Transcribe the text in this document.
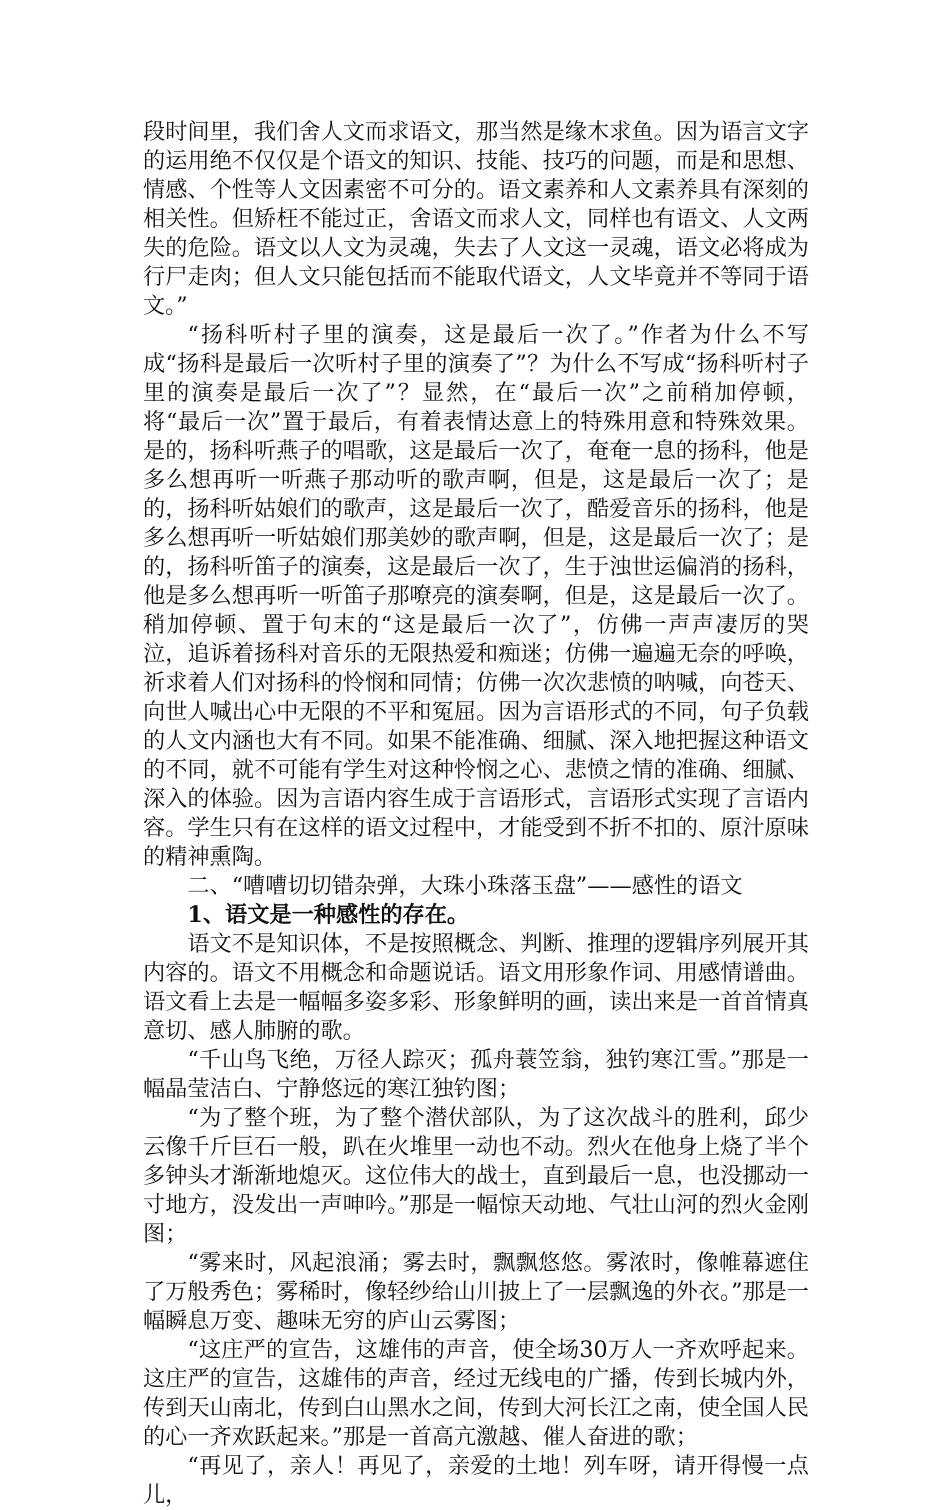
段时间里，我们舍人文而求语文，那当然是缘木求鱼。因为语言文字的运用绝不仅仅是个语文的知识、技能、技巧的问题，而是和思想、情感、个性等人文因素密不可分的。语文素养和人文素养具有深刻的相关性。但矫枉不能过正，舍语文而求人文，同样也有语文、人文两失的危险。语文以人文为灵魂，失去了人文这一灵魂，语文必将成为行尸走肉；但人文只能包括而不能取代语文，人文毕竟并不等同于语文。”

“扬科听村子里的演奏，这是最后一次了。”作者为什么不写成“扬科是最后一次听村子里的演奏了”？为什么不写成“扬科听村子里的演奏是最后一次了”？显然，在“最后一次”之前稍加停顿，将“最后一次”置于最后，有着表情达意上的特殊用意和特殊效果。是的，扬科听燕子的唱歌，这是最后一次了，奄奄一息的扬科，他是多么想再听一听燕子那动听的歌声啊，但是，这是最后一次了；是的，扬科听姑娘们的歌声，这是最后一次了，酷爱音乐的扬科，他是多么想再听一听姑娘们那美妙的歌声啊，但是，这是最后一次了；是的，扬科听笛子的演奏，这是最后一次了，生于浊世运偏消的扬科，他是多么想再听一听笛子那嘹亮的演奏啊，但是，这是最后一次了。稍加停顿、置于句末的“这是最后一次了”，仿佛一声声凄厉的哭泣，追诉着扬科对音乐的无限热爱和痴迷；仿佛一遍遍无奈的呼唤，祈求着人们对扬科的怜悯和同情；仿佛一次次悲愤的呐喊，向苍天、向世人喊出心中无限的不平和冤屈。因为言语形式的不同，句子负载的人文内涵也大有不同。如果不能准确、细腻、深入地把握这种语文的不同，就不可能有学生对这种怜悯之心、悲愤之情的准确、细腻、深入的体验。因为言语内容生成于言语形式，言语形式实现了言语内容。学生只有在这样的语文过程中，才能受到不折不扣的、原汁原味的精神熏陶。

二、“嘈嘈切切错杂弹，大珠小珠落玉盘”——感性的语文

1、语文是一种感性的存在。

语文不是知识体，不是按照概念、判断、推理的逻辑序列展开其内容的。语文不用概念和命题说话。语文用形象作词、用感情谱曲。语文看上去是一幅幅多姿多彩、形象鲜明的画，读出来是一首首情真意切、感人肺腑的歌。

“千山鸟飞绝，万径人踪灭；孤舟蓑笠翁，独钓寒江雪。”那是一幅晶莹洁白、宁静悠远的寒江独钓图；

“为了整个班，为了整个潜伏部队，为了这次战斗的胜利，邱少云像千斤巨石一般，趴在火堆里一动也不动。烈火在他身上烧了半个多钟头才渐渐地熄灭。这位伟大的战士，直到最后一息，也没挪动一寸地方，没发出一声呻吟。”那是一幅惊天动地、气壮山河的烈火金刚图；

“雾来时，风起浪涌；雾去时，飘飘悠悠。雾浓时，像帷幕遮住了万般秀色；雾稀时，像轻纱给山川披上了一层飘逸的外衣。”那是一幅瞬息万变、趣味无穷的庐山云雾图；

“这庄严的宣告，这雄伟的声音，使全场30万人一齐欢呼起来。这庄严的宣告，这雄伟的声音，经过无线电的广播，传到长城内外，传到天山南北，传到白山黑水之间，传到大河长江之南，使全国人民的心一齐欢跃起来。”那是一首高亢激越、催人奋进的歌；

“再见了，亲人！再见了，亲爱的土地！列车呀，请开得慢一点儿，
